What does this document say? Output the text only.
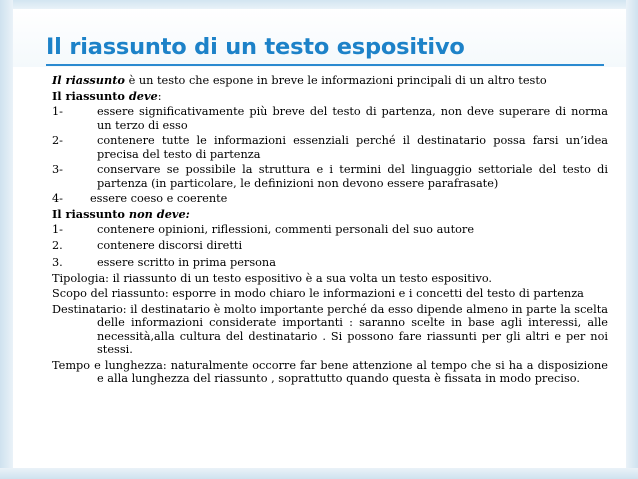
Il riassunto di un testo espositivo
Il riassunto è un testo che espone in breve le informazioni principali di un altro testo
Il riassunto deve:
1-	essere significativamente più breve del testo di partenza, non deve superare di norma un terzo di esso
2-	contenere tutte le informazioni essenziali perché il destinatario possa farsi un’idea precisa del testo di partenza
3-	conservare se possibile la struttura e i termini del linguaggio settoriale del testo di partenza (in particolare, le definizioni non devono essere parafrasate)
4- essere coeso e coerente
Il riassunto non deve:
1-	contenere opinioni, riflessioni, commenti personali del suo autore
2.	contenere discorsi diretti
3.	essere scritto in prima persona
Tipologia: il riassunto di un testo espositivo è a sua volta un testo espositivo.
Scopo del riassunto: esporre in modo chiaro le informazioni e i concetti del testo di partenza
Destinatario: il destinatario è molto importante perché da esso dipende almeno in parte la scelta delle informazioni considerate importanti : saranno scelte in base agli interessi, alle necessità,alla cultura del destinatario . Si possono fare riassunti per gli altri e per noi stessi.
Tempo e lunghezza: naturalmente occorre far bene attenzione al tempo che si ha a disposizione e alla lunghezza del riassunto , soprattutto quando questa è fissata in modo preciso.
